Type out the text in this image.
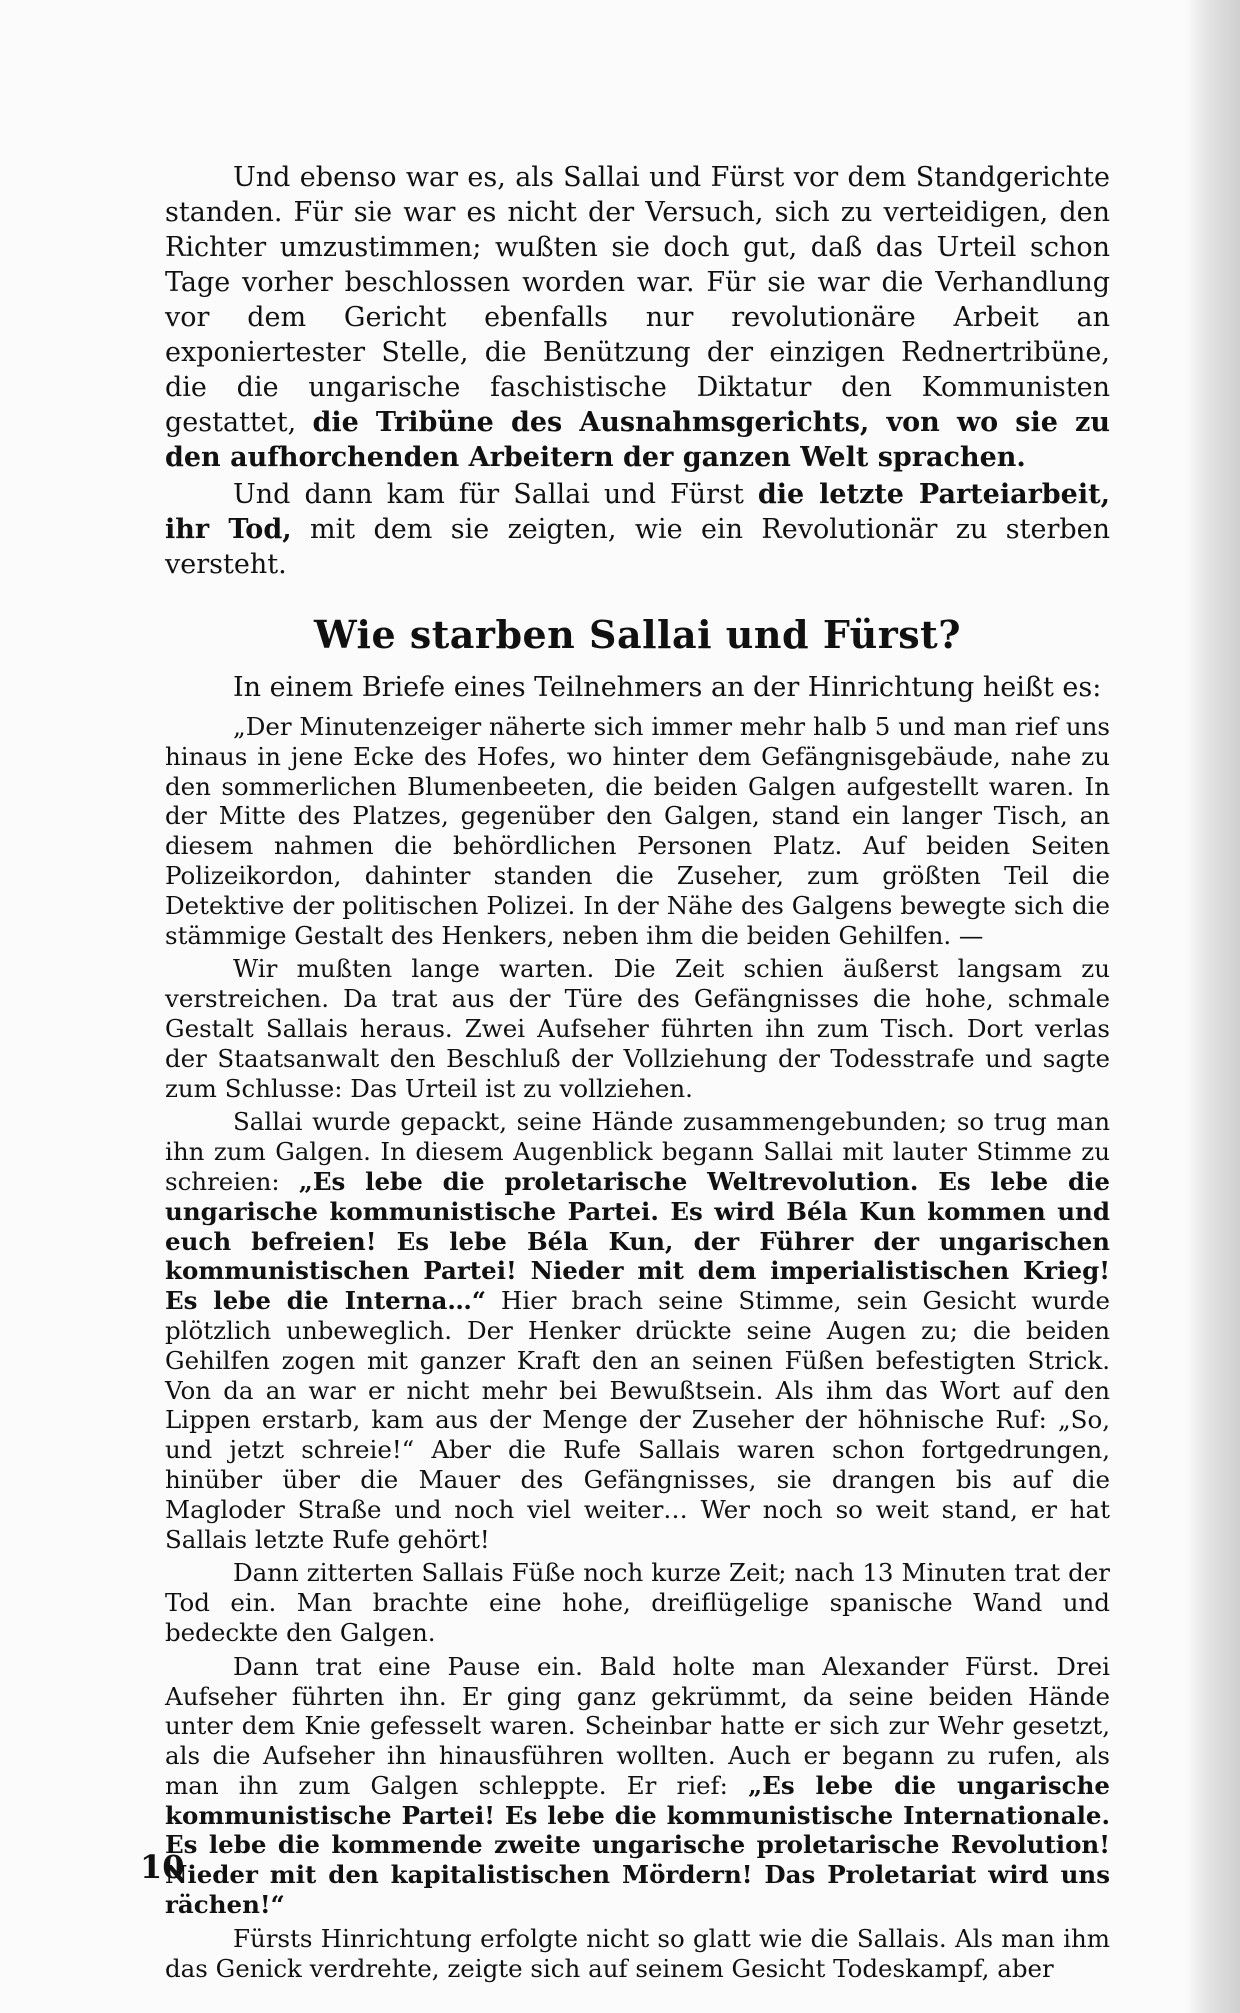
Und ebenso war es, als Sallai und Fürst vor dem Standgerichte standen. Für sie war es nicht der Versuch, sich zu verteidigen, den Richter umzustimmen; wußten sie doch gut, daß das Urteil schon Tage vorher beschlossen worden war. Für sie war die Verhandlung vor dem Gericht ebenfalls nur revolutionäre Arbeit an exponiertester Stelle, die Benützung der einzigen Rednertribüne, die die ungarische faschistische Diktatur den Kommunisten gestattet, die Tribüne des Ausnahmsgerichts, von wo sie zu den aufhorchenden Arbeitern der ganzen Welt sprachen.

Und dann kam für Sallai und Fürst die letzte Parteiarbeit, ihr Tod, mit dem sie zeigten, wie ein Revolutionär zu sterben versteht.

Wie starben Sallai und Fürst?
In einem Briefe eines Teilnehmers an der Hinrichtung heißt es:

„Der Minutenzeiger näherte sich immer mehr halb 5 und man rief uns hinaus in jene Ecke des Hofes, wo hinter dem Gefängnisgebäude, nahe zu den sommerlichen Blumenbeeten, die beiden Galgen aufgestellt waren. In der Mitte des Platzes, gegenüber den Galgen, stand ein langer Tisch, an diesem nahmen die behördlichen Personen Platz. Auf beiden Seiten Polizeikordon, dahinter standen die Zuseher, zum größten Teil die Detektive der politischen Polizei. In der Nähe des Galgens bewegte sich die stämmige Gestalt des Henkers, neben ihm die beiden Gehilfen. —

Wir mußten lange warten. Die Zeit schien äußerst langsam zu verstreichen. Da trat aus der Türe des Gefängnisses die hohe, schmale Gestalt Sallais heraus. Zwei Aufseher führten ihn zum Tisch. Dort verlas der Staatsanwalt den Beschluß der Vollziehung der Todesstrafe und sagte zum Schlusse: Das Urteil ist zu vollziehen.

Sallai wurde gepackt, seine Hände zusammengebunden; so trug man ihn zum Galgen. In diesem Augenblick begann Sallai mit lauter Stimme zu schreien: „Es lebe die proletarische Weltrevolution. Es lebe die ungarische kommunistische Partei. Es wird Béla Kun kommen und euch befreien! Es lebe Béla Kun, der Führer der ungarischen kommunistischen Partei! Nieder mit dem imperialistischen Krieg! Es lebe die Interna…“ Hier brach seine Stimme, sein Gesicht wurde plötzlich unbeweglich. Der Henker drückte seine Augen zu; die beiden Gehilfen zogen mit ganzer Kraft den an seinen Füßen befestigten Strick. Von da an war er nicht mehr bei Bewußtsein. Als ihm das Wort auf den Lippen erstarb, kam aus der Menge der Zuseher der höhnische Ruf: „So, und jetzt schreie!“ Aber die Rufe Sallais waren schon fortgedrungen, hinüber über die Mauer des Gefängnisses, sie drangen bis auf die Magloder Straße und noch viel weiter… Wer noch so weit stand, er hat Sallais letzte Rufe gehört!

Dann zitterten Sallais Füße noch kurze Zeit; nach 13 Minuten trat der Tod ein. Man brachte eine hohe, dreiflügelige spanische Wand und bedeckte den Galgen.

Dann trat eine Pause ein. Bald holte man Alexander Fürst. Drei Aufseher führten ihn. Er ging ganz gekrümmt, da seine beiden Hände unter dem Knie gefesselt waren. Scheinbar hatte er sich zur Wehr gesetzt, als die Aufseher ihn hinausführen wollten. Auch er begann zu rufen, als man ihn zum Galgen schleppte. Er rief: „Es lebe die ungarische kommunistische Partei! Es lebe die kommunistische Internationale. Es lebe die kommende zweite ungarische proletarische Revolution! Nieder mit den kapitalistischen Mördern! Das Proletariat wird uns rächen!“

Fürsts Hinrichtung erfolgte nicht so glatt wie die Sallais. Als man ihm das Genick verdrehte, zeigte sich auf seinem Gesicht Todeskampf, aber

10
